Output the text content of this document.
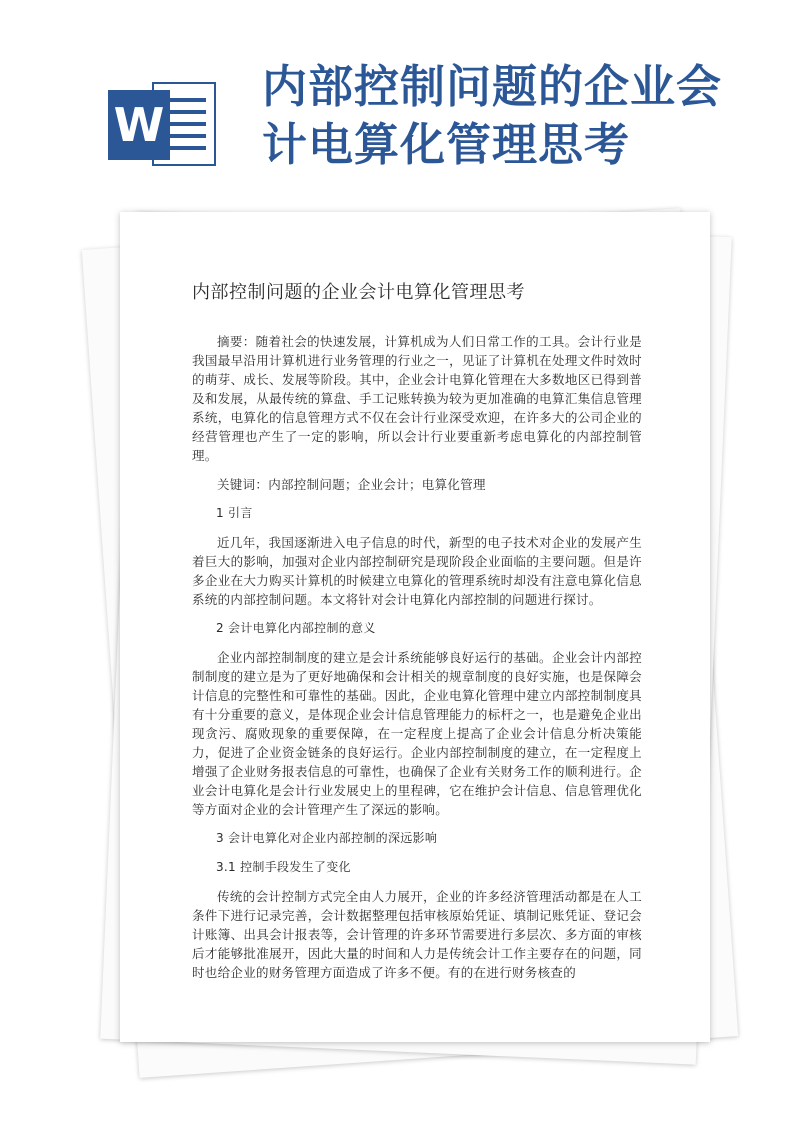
W
内部控制问题的企业会计电算化管理思考
内部控制问题的企业会计电算化管理思考

摘要：随着社会的快速发展，计算机成为人们日常工作的工具。会计行业是我国最早沿用计算机进行业务管理的行业之一，见证了计算机在处理文件时效时的萌芽、成长、发展等阶段。其中，企业会计电算化管理在大多数地区已得到普及和发展，从最传统的算盘、手工记账转换为较为更加准确的电算汇集信息管理系统，电算化的信息管理方式不仅在会计行业深受欢迎，在许多大的公司企业的经营管理也产生了一定的影响，所以会计行业要重新考虑电算化的内部控制管理。

关键词：内部控制问题；企业会计；电算化管理

1 引言

近几年，我国逐渐进入电子信息的时代，新型的电子技术对企业的发展产生着巨大的影响，加强对企业内部控制研究是现阶段企业面临的主要问题。但是许多企业在大力购买计算机的时候建立电算化的管理系统时却没有注意电算化信息系统的内部控制问题。本文将针对会计电算化内部控制的问题进行探讨。

2 会计电算化内部控制的意义

企业内部控制制度的建立是会计系统能够良好运行的基础。企业会计内部控制制度的建立是为了更好地确保和会计相关的规章制度的良好实施，也是保障会计信息的完整性和可靠性的基础。因此，企业电算化管理中建立内部控制制度具有十分重要的意义，是体现企业会计信息管理能力的标杆之一，也是避免企业出现贪污、腐败现象的重要保障，在一定程度上提高了企业会计信息分析决策能力，促进了企业资金链条的良好运行。企业内部控制制度的建立，在一定程度上增强了企业财务报表信息的可靠性，也确保了企业有关财务工作的顺利进行。企业会计电算化是会计行业发展史上的里程碑，它在维护会计信息、信息管理优化等方面对企业的会计管理产生了深远的影响。

3 会计电算化对企业内部控制的深远影响
3.1 控制手段发生了变化

传统的会计控制方式完全由人力展开，企业的许多经济管理活动都是在人工条件下进行记录完善，会计数据整理包括审核原始凭证、填制记账凭证、登记会计账簿、出具会计报表等，会计管理的许多环节需要进行多层次、多方面的审核后才能够批准展开，因此大量的时间和人力是传统会计工作主要存在的问题，同时也给企业的财务管理方面造成了许多不便。有的在进行财务核查的
